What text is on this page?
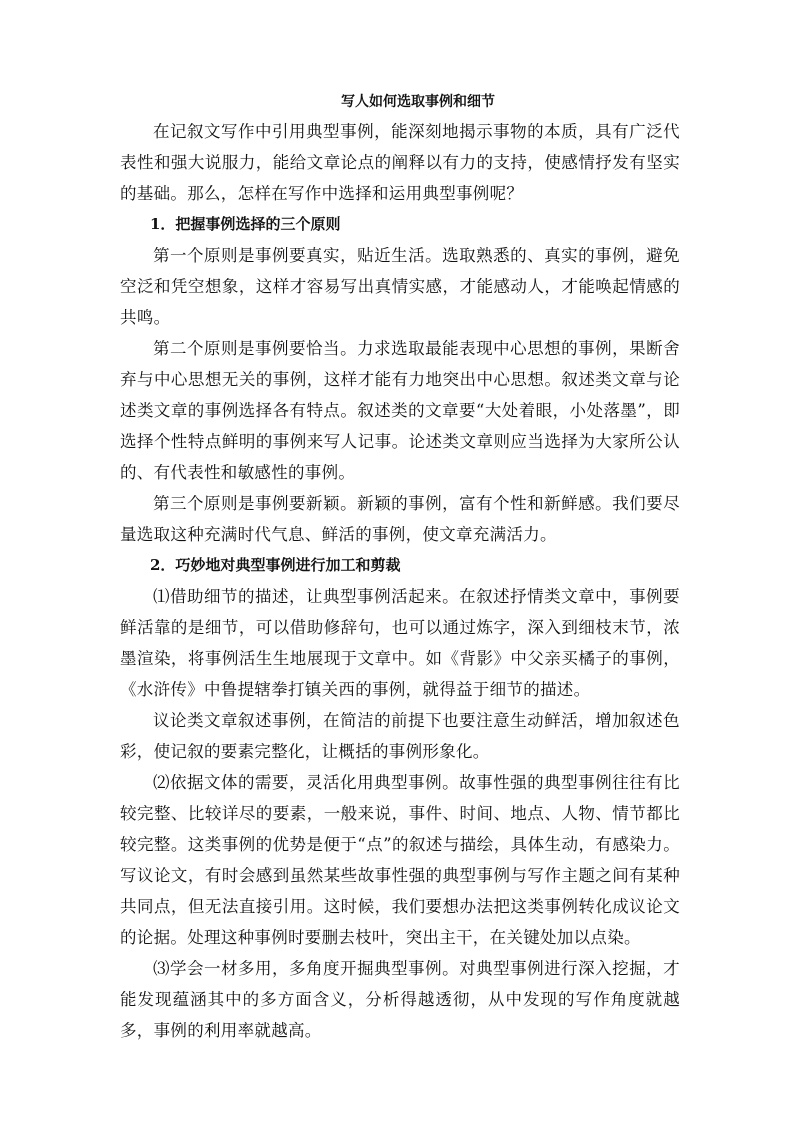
写人如何选取事例和细节

在记叙文写作中引用典型事例，能深刻地揭示事物的本质，具有广泛代表性和强大说服力，能给文章论点的阐释以有力的支持，使感情抒发有坚实的基础。那么，怎样在写作中选择和运用典型事例呢？

1．把握事例选择的三个原则

第一个原则是事例要真实，贴近生活。选取熟悉的、真实的事例，避免空泛和凭空想象，这样才容易写出真情实感，才能感动人，才能唤起情感的共鸣。

第二个原则是事例要恰当。力求选取最能表现中心思想的事例，果断舍弃与中心思想无关的事例，这样才能有力地突出中心思想。叙述类文章与论述类文章的事例选择各有特点。叙述类的文章要“大处着眼，小处落墨”，即选择个性特点鲜明的事例来写人记事。论述类文章则应当选择为大家所公认的、有代表性和敏感性的事例。

第三个原则是事例要新颖。新颖的事例，富有个性和新鲜感。我们要尽量选取这种充满时代气息、鲜活的事例，使文章充满活力。

2．巧妙地对典型事例进行加工和剪裁

⑴借助细节的描述，让典型事例活起来。在叙述抒情类文章中，事例要鲜活靠的是细节，可以借助修辞句，也可以通过炼字，深入到细枝末节，浓墨渲染，将事例活生生地展现于文章中。如《背影》中父亲买橘子的事例，《水浒传》中鲁提辖拳打镇关西的事例，就得益于细节的描述。

议论类文章叙述事例，在简洁的前提下也要注意生动鲜活，增加叙述色彩，使记叙的要素完整化，让概括的事例形象化。

⑵依据文体的需要，灵活化用典型事例。故事性强的典型事例往往有比较完整、比较详尽的要素，一般来说，事件、时间、地点、人物、情节都比较完整。这类事例的优势是便于“点”的叙述与描绘，具体生动，有感染力。写议论文，有时会感到虽然某些故事性强的典型事例与写作主题之间有某种共同点，但无法直接引用。这时候，我们要想办法把这类事例转化成议论文的论据。处理这种事例时要删去枝叶，突出主干，在关键处加以点染。

⑶学会一材多用，多角度开掘典型事例。对典型事例进行深入挖掘，才能发现蕴涵其中的多方面含义，分析得越透彻，从中发现的写作角度就越多，事例的利用率就越高。
